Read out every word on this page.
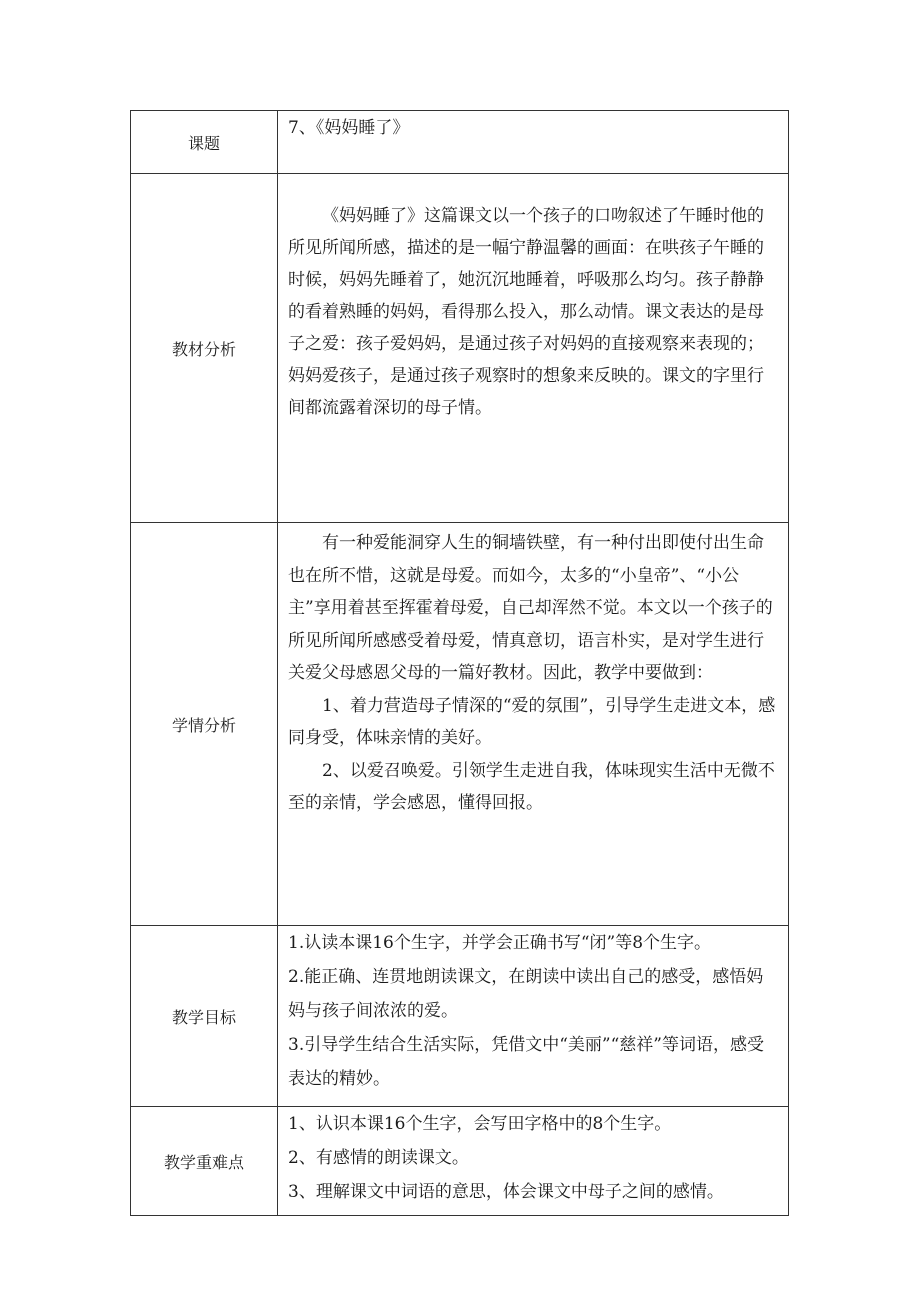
课题	7、《妈妈睡了》

教材分析	《妈妈睡了》这篇课文以一个孩子的口吻叙述了午睡时他的所见所闻所感，描述的是一幅宁静温馨的画面：在哄孩子午睡的时候，妈妈先睡着了，她沉沉地睡着，呼吸那么均匀。孩子静静的看着熟睡的妈妈，看得那么投入，那么动情。课文表达的是母子之爱：孩子爱妈妈，是通过孩子对妈妈的直接观察来表现的；妈妈爱孩子，是通过孩子观察时的想象来反映的。课文的字里行间都流露着深切的母子情。

学情分析	有一种爱能洞穿人生的铜墙铁壁，有一种付出即使付出生命也在所不惜，这就是母爱。而如今，太多的“小皇帝”、“小公主”享用着甚至挥霍着母爱，自己却浑然不觉。本文以一个孩子的所见所闻所感感受着母爱，情真意切，语言朴实，是对学生进行关爱父母感恩父母的一篇好教材。因此，教学中要做到：

1、着力营造母子情深的“爱的氛围”，引导学生走进文本，感同身受，体味亲情的美好。

2、以爱召唤爱。引领学生走进自我，体味现实生活中无微不至的亲情，学会感恩，懂得回报。

教学目标	1.认读本课16个生字，并学会正确书写“闭”等8个生字。

2.能正确、连贯地朗读课文，在朗读中读出自己的感受，感悟妈妈与孩子间浓浓的爱。

3.引导学生结合生活实际，凭借文中“美丽”“慈祥”等词语，感受表达的精妙。

教学重难点	1、认识本课16个生字，会写田字格中的8个生字。

2、有感情的朗读课文。

3、理解课文中词语的意思，体会课文中母子之间的感情。
